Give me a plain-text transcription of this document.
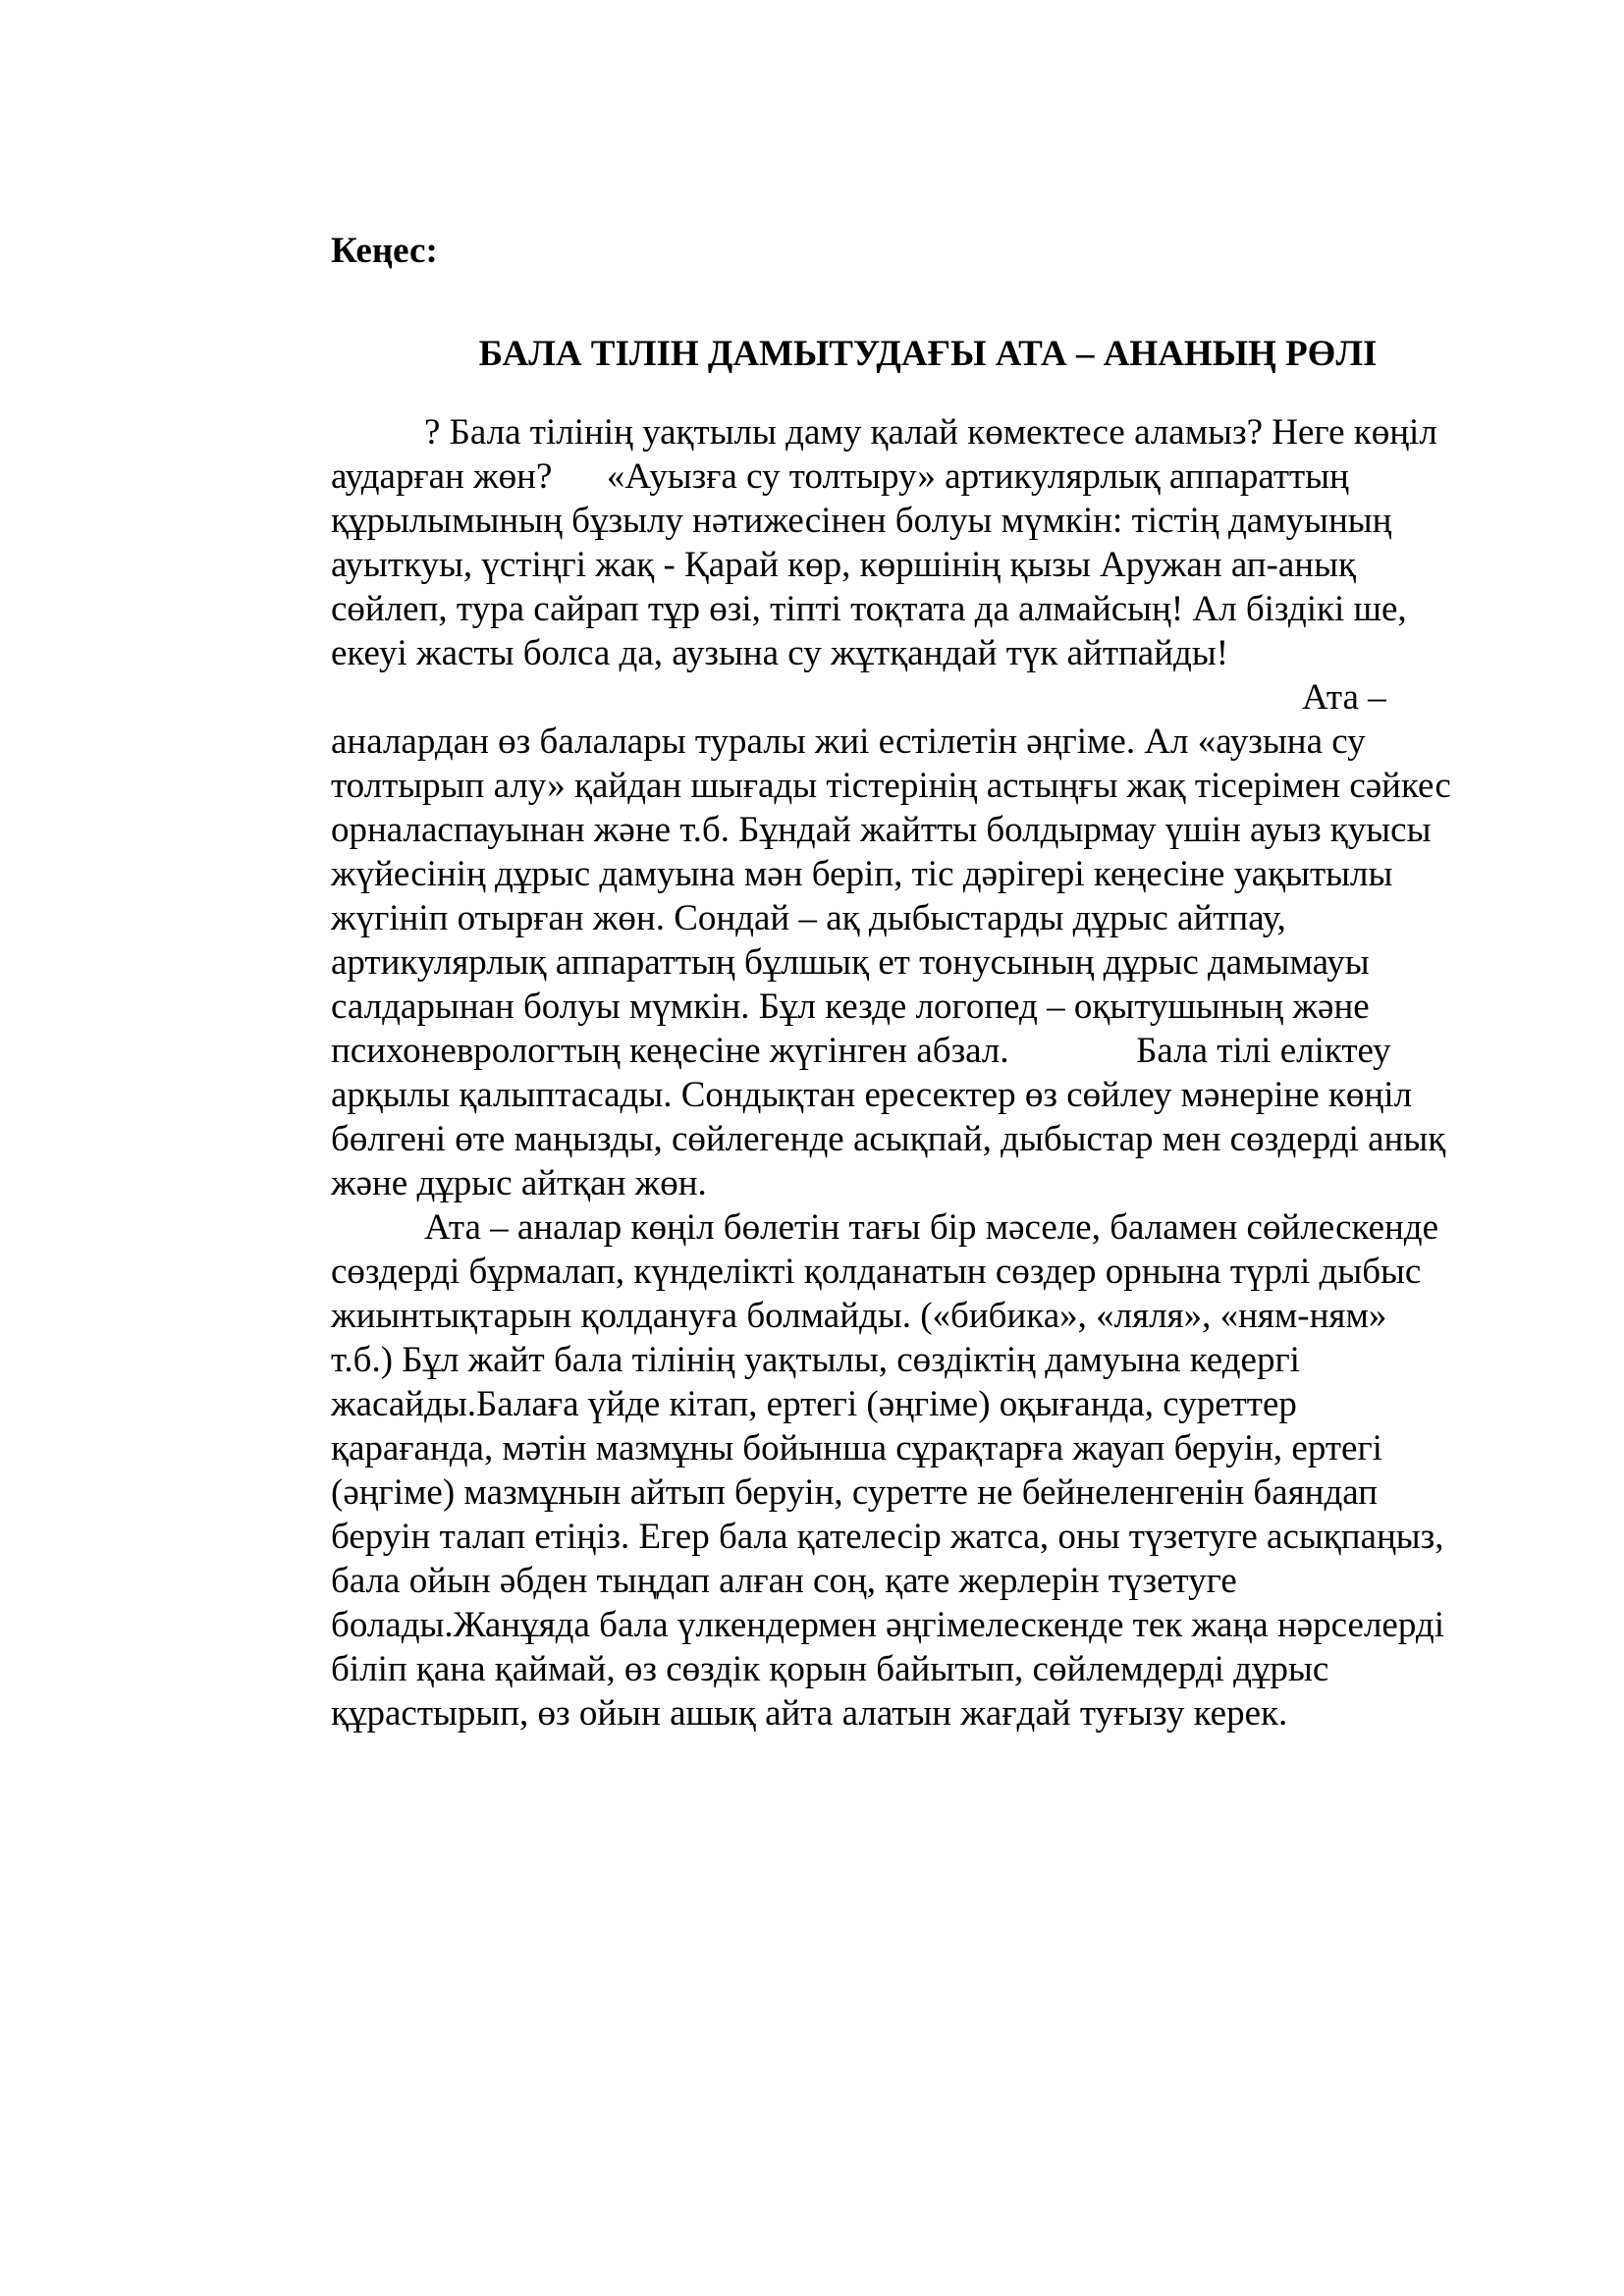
Кеңес:
БАЛА ТІЛІН ДАМЫТУДАҒЫ АТА – АНАНЫҢ РӨЛІ
? Бала тілінің уақтылы даму қалай көмектесе аламыз? Неге көңіл
аударған жөн?      «Ауызға су толтыру» артикулярлық аппараттың
құрылымының бұзылу нәтижесінен болуы мүмкін: тістің дамуының
ауыткуы, үстіңгі жақ - Қарай көр, көршінің қызы Аружан ап-анық
сөйлеп, тура сайрап тұр өзі, тіпті тоқтата да алмайсың! Ал біздікі ше,
екеуі жасты болса да, аузына су жұтқандай түк айтпайды!
Ата –
аналардан өз балалары туралы жиі естілетін әңгіме. Ал «аузына су
толтырып алу» қайдан шығады тістерінің астыңғы жақ тісерімен сәйкес
орналаспауынан және т.б. Бұндай жайтты болдырмау үшін ауыз қуысы
жүйесінің дұрыс дамуына мән беріп, тіс дәрігері кеңесіне уақытылы
жүгініп отырған жөн. Сондай – ақ дыбыстарды дұрыс айтпау,
артикулярлық аппараттың бұлшық ет тонусының дұрыс дамымауы
салдарынан болуы мүмкін. Бұл кезде логопед – оқытушының және
психоневрологтың кеңесіне жүгінген абзал.              Бала тілі еліктеу
арқылы қалыптасады. Сондықтан ересектер өз сөйлеу мәнеріне көңіл
бөлгені өте маңызды, сөйлегенде асықпай, дыбыстар мен сөздерді анық
және дұрыс айтқан жөн.
Ата – аналар көңіл бөлетін тағы бір мәселе, баламен сөйлескенде
сөздерді бұрмалап, күнделікті қолданатын сөздер орнына түрлі дыбыс
жиынтықтарын қолдануға болмайды. («бибика», «ляля», «ням-ням»
т.б.) Бұл жайт бала тілінің уақтылы, сөздіктің дамуына кедергі
жасайды.Балаға үйде кітап, ертегі (әңгіме) оқығанда, суреттер
қарағанда, мәтін мазмұны бойынша сұрақтарға жауап беруін, ертегі
(әңгіме) мазмұнын айтып беруін, суретте не бейнеленгенін баяндап
беруін талап етіңіз. Егер бала қателесір жатса, оны түзетуге асықпаңыз,
бала ойын әбден тыңдап алған соң, қате жерлерін түзетуге
болады.Жанұяда бала үлкендермен әңгімелескенде тек жаңа нәрселерді
біліп қана қаймай, өз сөздік қорын байытып, сөйлемдерді дұрыс
құрастырып, өз ойын ашық айта алатын жағдай туғызу керек.
